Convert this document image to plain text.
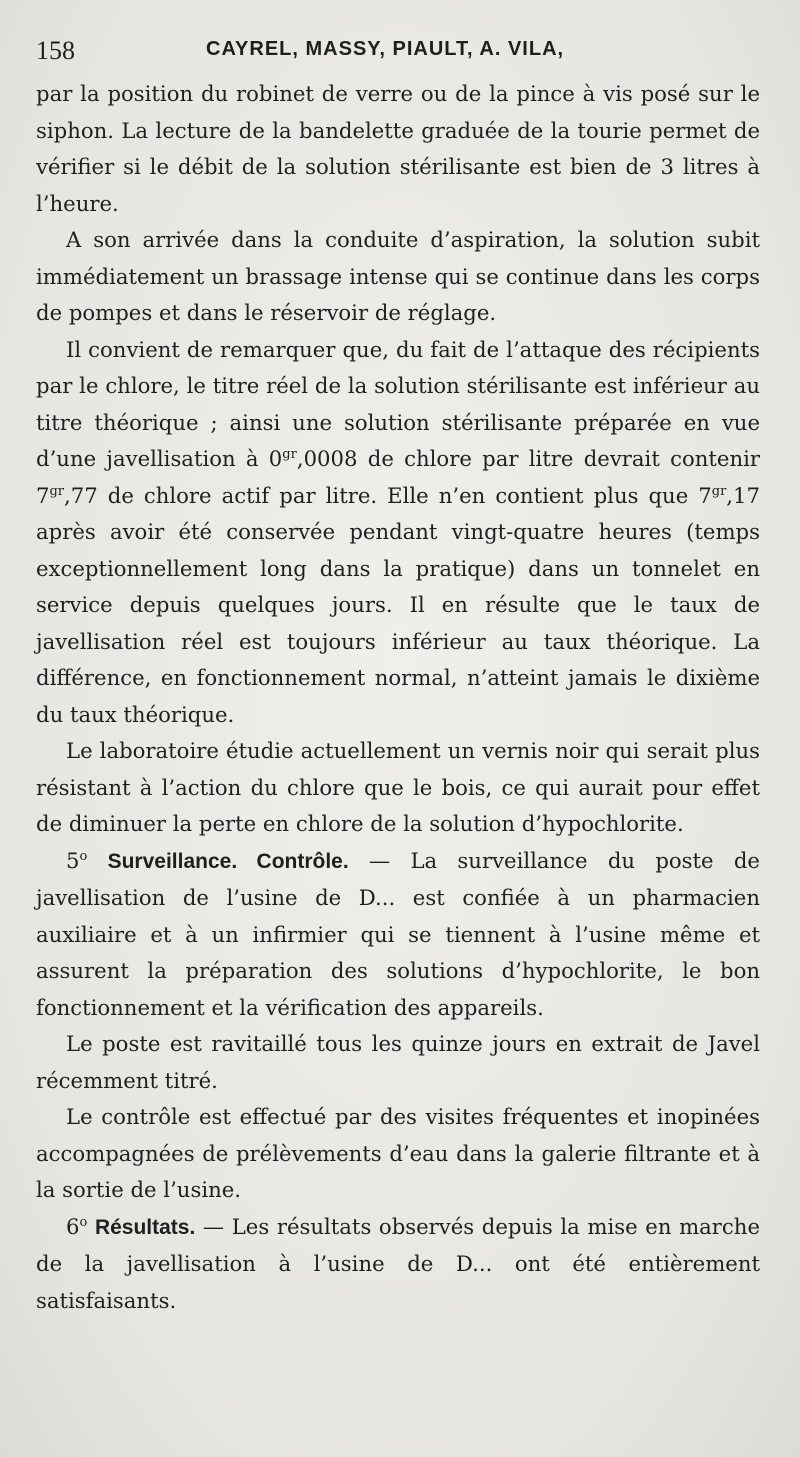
158	CAYREL, MASSY, PIAULT, A. VILA,

par la position du robinet de verre ou de la pince à vis posé sur le siphon. La lecture de la bandelette graduée de la tourie permet de vérifier si le débit de la solution stérilisante est bien de 3 litres à l’heure.

A son arrivée dans la conduite d’aspiration, la solution subit immédiatement un brassage intense qui se continue dans les corps de pompes et dans le réservoir de réglage.

Il convient de remarquer que, du fait de l’attaque des récipients par le chlore, le titre réel de la solution stérilisante est inférieur au titre théorique ; ainsi une solution stérilisante préparée en vue d’une javellisation à $0^{gr},0008$ de chlore par litre devrait contenir $7^{gr},77$ de chlore actif par litre. Elle n’en contient plus que $7^{gr},17$ après avoir été conservée pendant vingt-quatre heures (temps exceptionnellement long dans la pratique) dans un tonnelet en service depuis quelques jours. Il en résulte que le taux de javellisation réel est toujours inférieur au taux théorique. La différence, en fonctionnement normal, n’atteint jamais le dixième du taux théorique.

Le laboratoire étudie actuellement un vernis noir qui serait plus résistant à l’action du chlore que le bois, ce qui aurait pour effet de diminuer la perte en chlore de la solution d’hypochlorite.

5$^o$ Surveillance. Contrôle. — La surveillance du poste de javellisation de l’usine de D... est confiée à un pharmacien auxiliaire et à un infirmier qui se tiennent à l’usine même et assurent la préparation des solutions d’hypochlorite, le bon fonctionnement et la vérification des appareils.

Le poste est ravitaillé tous les quinze jours en extrait de Javel récemment titré.

Le contrôle est effectué par des visites fréquentes et inopinées accompagnées de prélèvements d’eau dans la galerie filtrante et à la sortie de l’usine.

6$^o$ Résultats. — Les résultats observés depuis la mise en marche de la javellisation à l’usine de D... ont été entièrement satisfaisants.
